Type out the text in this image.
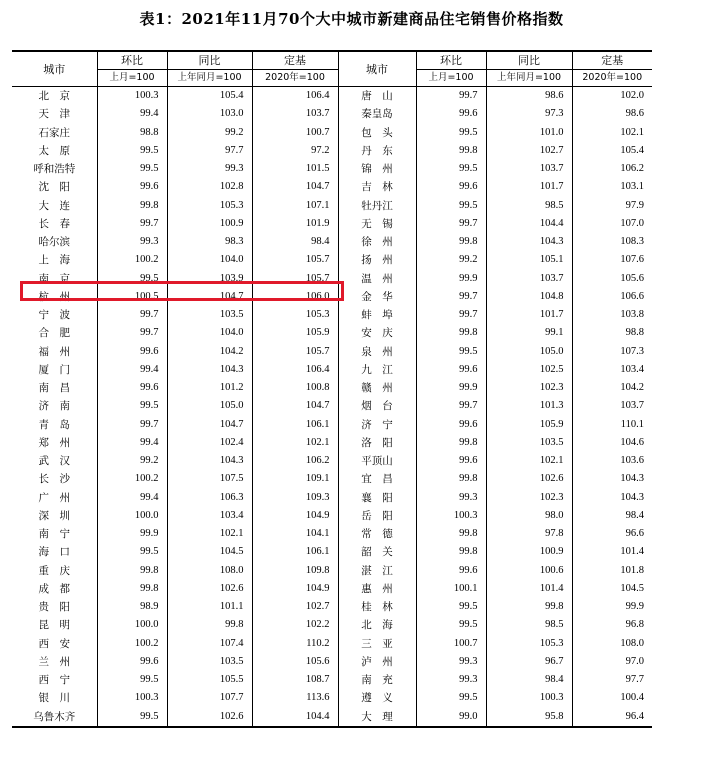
表1：2021年11月70个大中城市新建商品住宅销售价格指数
城市	环比	同比	定基	城市	环比	同比	定基
	上月=100	上年同月=100	2020年=100		上月=100	上年同月=100	2020年=100
北　京	100.3	105.4	106.4	唐　山	99.7	98.6	102.0
天　津	99.4	103.0	103.7	秦皇岛	99.6	97.3	98.6
石家庄	98.8	99.2	100.7	包　头	99.5	101.0	102.1
太　原	99.5	97.7	97.2	丹　东	99.8	102.7	105.4
呼和浩特	99.5	99.3	101.5	锦　州	99.5	103.7	106.2
沈　阳	99.6	102.8	104.7	吉　林	99.6	101.7	103.1
大　连	99.8	105.3	107.1	牡丹江	99.5	98.5	97.9
长　春	99.7	100.9	101.9	无　锡	99.7	104.4	107.0
哈尔滨	99.3	98.3	98.4	徐　州	99.8	104.3	108.3
上　海	100.2	104.0	105.7	扬　州	99.2	105.1	107.6
南　京	99.5	103.9	105.7	温　州	99.9	103.7	105.6
杭　州	100.5	104.7	106.0	金　华	99.7	104.8	106.6
宁　波	99.7	103.5	105.3	蚌　埠	99.7	101.7	103.8
合　肥	99.7	104.0	105.9	安　庆	99.8	99.1	98.8
福　州	99.6	104.2	105.7	泉　州	99.5	105.0	107.3
厦　门	99.4	104.3	106.4	九　江	99.6	102.5	103.4
南　昌	99.6	101.2	100.8	赣　州	99.9	102.3	104.2
济　南	99.5	105.0	104.7	烟　台	99.7	101.3	103.7
青　岛	99.7	104.7	106.1	济　宁	99.6	105.9	110.1
郑　州	99.4	102.4	102.1	洛　阳	99.8	103.5	104.6
武　汉	99.2	104.3	106.2	平顶山	99.6	102.1	103.6
长　沙	100.2	107.5	109.1	宜　昌	99.8	102.6	104.3
广　州	99.4	106.3	109.3	襄　阳	99.3	102.3	104.3
深　圳	100.0	103.4	104.9	岳　阳	100.3	98.0	98.4
南　宁	99.9	102.1	104.1	常　德	99.8	97.8	96.6
海　口	99.5	104.5	106.1	韶　关	99.8	100.9	101.4
重　庆	99.8	108.0	109.8	湛　江	99.6	100.6	101.8
成　都	99.8	102.6	104.9	惠　州	100.1	101.4	104.5
贵　阳	98.9	101.1	102.7	桂　林	99.5	99.8	99.9
昆　明	100.0	99.8	102.2	北　海	99.5	98.5	96.8
西　安	100.2	107.4	110.2	三　亚	100.7	105.3	108.0
兰　州	99.6	103.5	105.6	泸　州	99.3	96.7	97.0
西　宁	99.5	105.5	108.7	南　充	99.3	98.4	97.7
银　川	100.3	107.7	113.6	遵　义	99.5	100.3	100.4
乌鲁木齐	99.5	102.6	104.4	大　理	99.0	95.8	96.4
